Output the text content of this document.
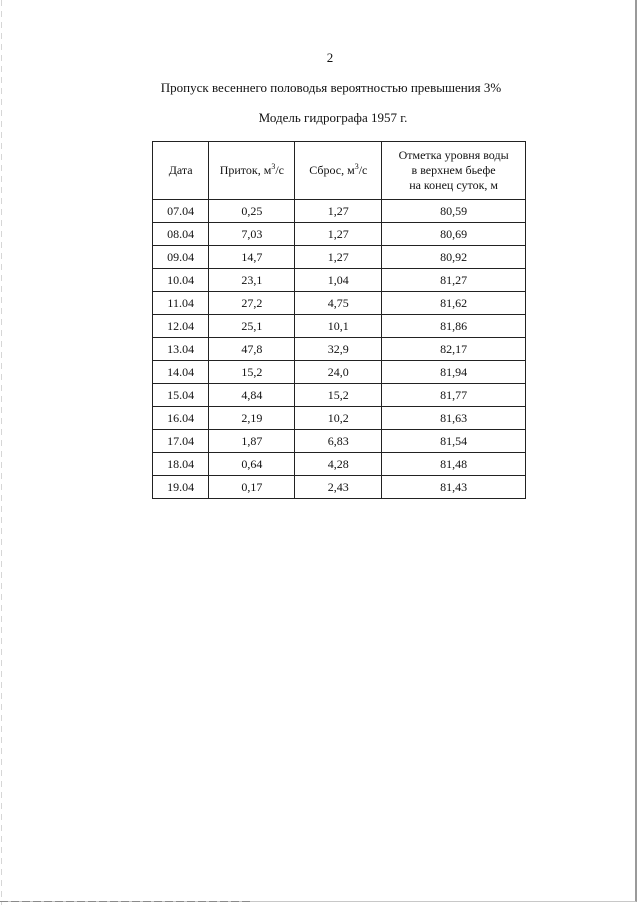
2
Пропуск весеннего половодья вероятностью превышения 3%
Модель гидрографа 1957 г.
Дата	Приток, $м^3/с$	Сброс, $м^3/с$	Отметка уровня воды
в верхнем бьефе
на конец суток, м
07.04	0,25	1,27	80,59
08.04	7,03	1,27	80,69
09.04	14,7	1,27	80,92
10.04	23,1	1,04	81,27
11.04	27,2	4,75	81,62
12.04	25,1	10,1	81,86
13.04	47,8	32,9	82,17
14.04	15,2	24,0	81,94
15.04	4,84	15,2	81,77
16.04	2,19	10,2	81,63
17.04	1,87	6,83	81,54
18.04	0,64	4,28	81,48
19.04	0,17	2,43	81,43
